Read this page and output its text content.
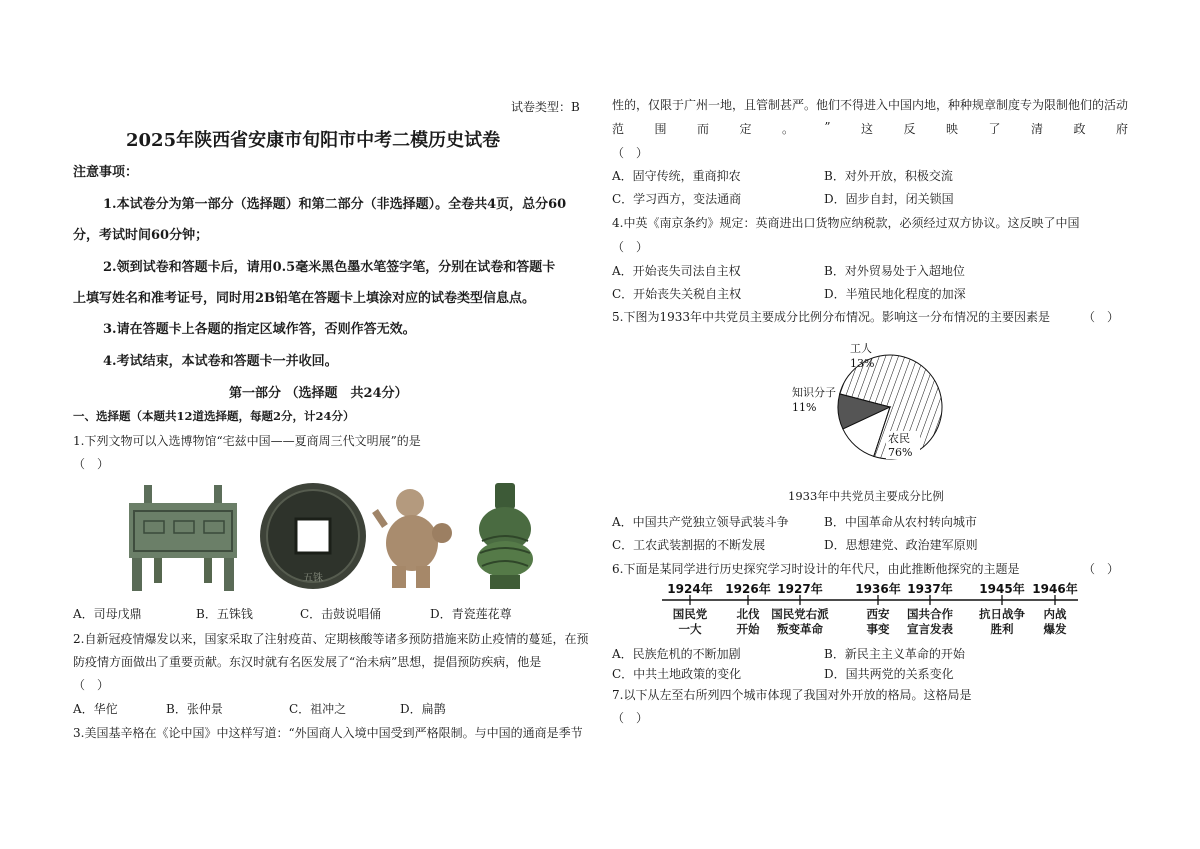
试卷类型：B
2025年陕西省安康市旬阳市中考二模历史试卷
注意事项：
1.本试卷分为第一部分（选择题）和第二部分（非选择题）。全卷共4页，总分60
分，考试时间60分钟；
2.领到试卷和答题卡后，请用0.5毫米黑色墨水笔签字笔，分别在试卷和答题卡
上填写姓名和准考证号，同时用2B铅笔在答题卡上填涂对应的试卷类型信息点。
3.请在答题卡上各题的指定区域作答，否则作答无效。
4.考试结束，本试卷和答题卡一并收回。
第一部分 （选择题　共24分）
一、选择题（本题共12道选择题，每题2分，计24分）
1.下列文物可以入选博物馆“宅兹中国——夏商周三代文明展”的是
（　）
五铢
A．司母戊鼎	B．五铢钱	C．击鼓说唱俑	D．青瓷莲花尊
2.自新冠疫情爆发以来，国家采取了注射疫苗、定期核酸等诸多预防措施来防止疫情的蔓延，在预
防疫情方面做出了重要贡献。东汉时就有名医发展了“治未病”思想，提倡预防疾病，他是
（　）
A．华佗	B．张仲景	C．祖冲之	D．扁鹊
3.美国基辛格在《论中国》中这样写道：“外国商人入境中国受到严格限制。与中国的通商是季节
性的，仅限于广州一地，且管制甚严。他们不得进入中国内地，种种规章制度专为限制他们的活动
范	围	而	定	。	”	这	反	映	了	清	政	府
（　）
A．固守传统，重商抑农	B．对外开放，积极交流
C．学习西方，变法通商	D．固步自封，闭关锁国
4.中英《南京条约》规定：英商进出口货物应纳税款，必须经过双方协议。这反映了中国
（　）
A．开始丧失司法自主权	B．对外贸易处于入超地位
C．开始丧失关税自主权	D．半殖民地化程度的加深
5.下图为1933年中共党员主要成分比例分布情况。影响这一分布情况的主要因素是	（　）
工人
13%
知识分子
11%
农民
76%
1933年中共党员主要成分比例
A．中国共产党独立领导武装斗争	B．中国革命从农村转向城市
C．工农武装割据的不断发展	D．思想建党、政治建军原则
6.下面是某同学进行历史探究学习时设计的年代尺，由此推断他探究的主题是	（　）
1924年 1926年 1927年	1936年 1937年 1945年 1946年
国民党
一大
北伐
开始
国民党右派
叛变革命
西安
事变
国共合作
宣言发表
抗日战争
胜利
内战
爆发
A．民族危机的不断加剧	B．新民主主义革命的开始
C．中共土地政策的变化	D．国共两党的关系变化
7.以下从左至右所列四个城市体现了我国对外开放的格局。这格局是
（　）
